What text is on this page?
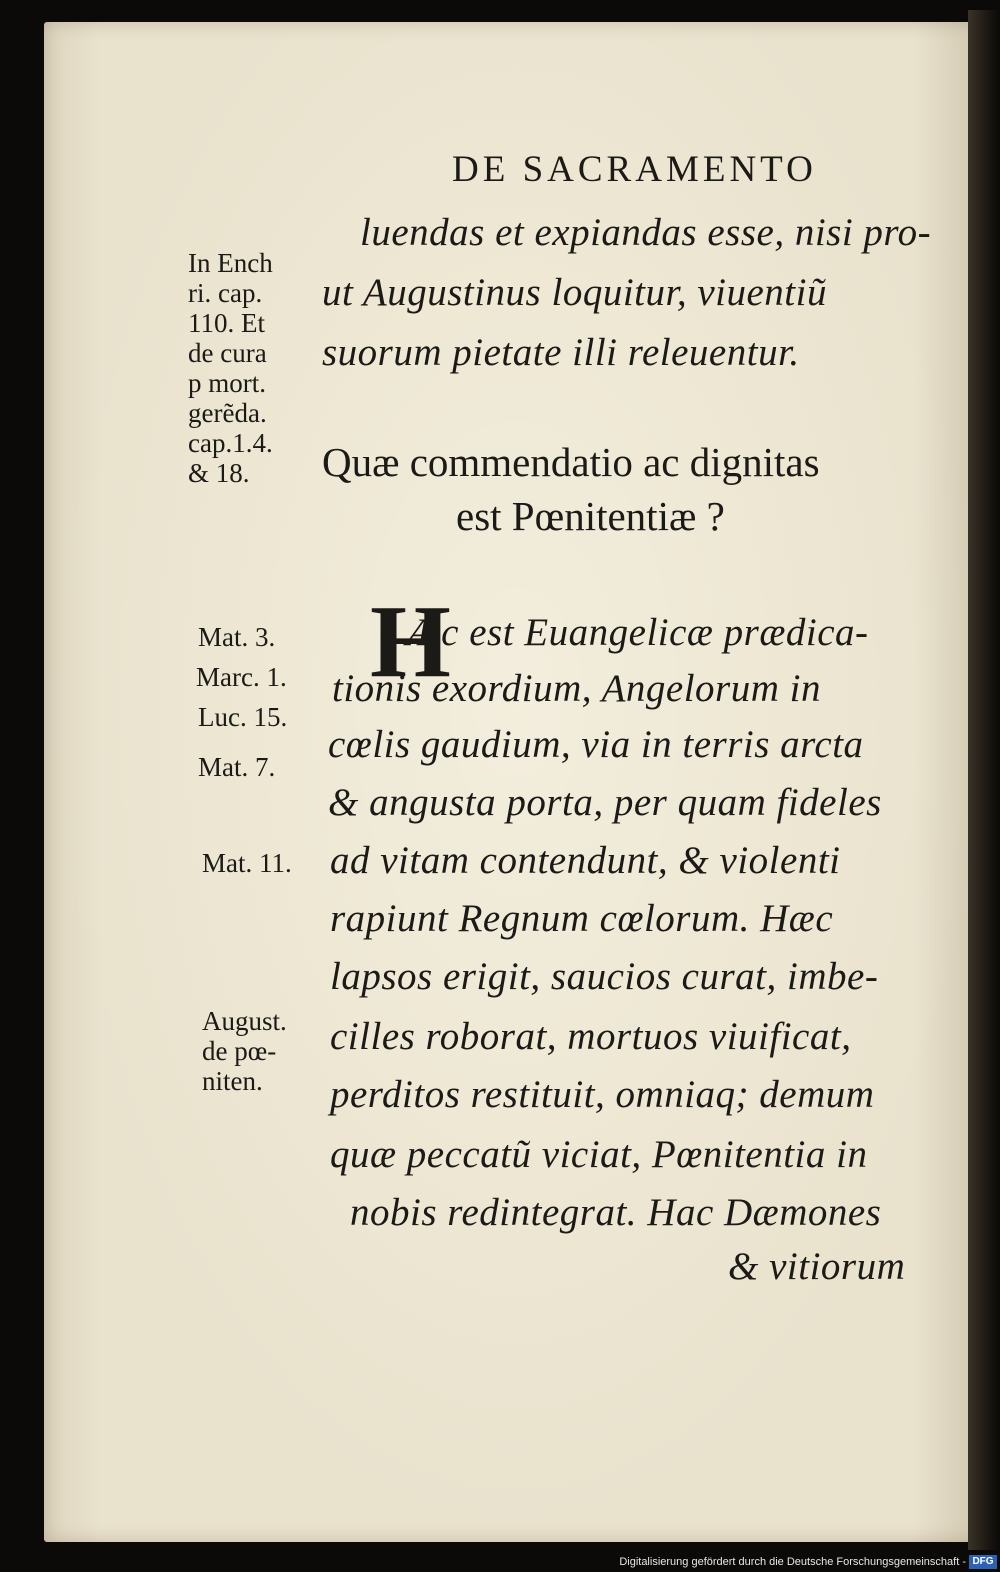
DE SACRAMENTO
luendas et expiandas esse, nisi pro-
ut Augustinus loquitur, viuentiũ
suorum pietate illi releuentur.
Quæ commendatio ac dignitas
est Pœnitentiæ ?
H
Æc est Euangelicæ prædica-
tionis exordium, Angelorum in
cœlis gaudium, via in terris arcta
& angusta porta, per quam fideles
ad vitam contendunt, & violenti
rapiunt Regnum cœlorum. Hæc
lapsos erigit, saucios curat, imbe-
cilles roborat, mortuos viuificat,
perditos restituit, omniaq; demum
quæ peccatũ viciat, Pœnitentia in
nobis redintegrat. Hac Dæmones
& vitiorum
In Ench
ri. cap.
110. Et
de cura
p mort.
gerẽda.
cap.1.4.
& 18.
Mat. 3.
Marc. 1.
Luc. 15.
Mat. 7.
Mat. 11.
August.
de pœ-
niten.
Digitalisierung gefördert durch die Deutsche Forschungsgemeinschaft - DFG
